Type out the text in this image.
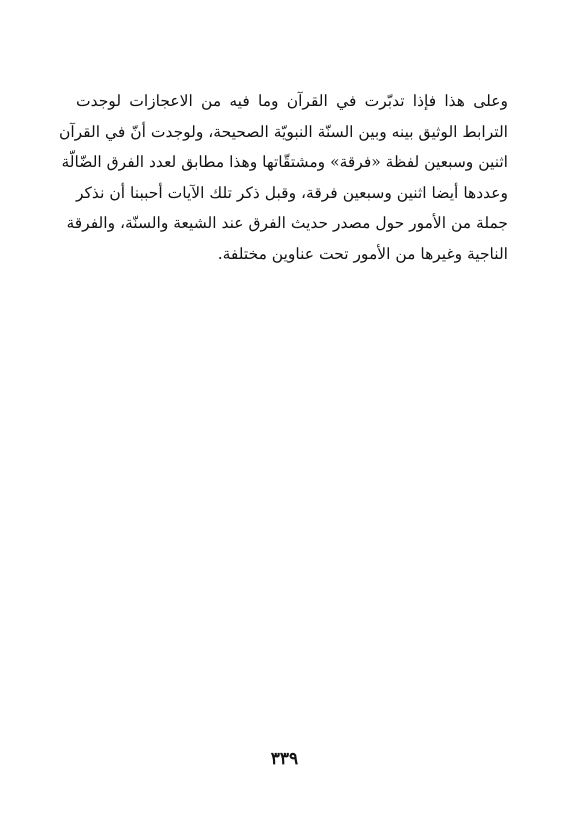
وعلى هذا فإذا تدبّرت في القرآن وما فيه من الاعجازات لوجدت
الترابط الوثيق بينه وبين السنّة النبويّة الصحيحة، ولوجدت أنّ في القرآن
اثنين وسبعين لفظة «فرقة» ومشتقّاتها وهذا مطابق لعدد الفرق الضّالّة
وعددها أيضا اثنين وسبعين فرقة، وقبل ذكر تلك الآيات أحببنا أن نذكر
جملة من الأمور حول مصدر حديث الفرق عند الشيعة والسنّة، والفرقة
الناجية وغيرها من الأمور تحت عناوين مختلفة.
٣٣٩
